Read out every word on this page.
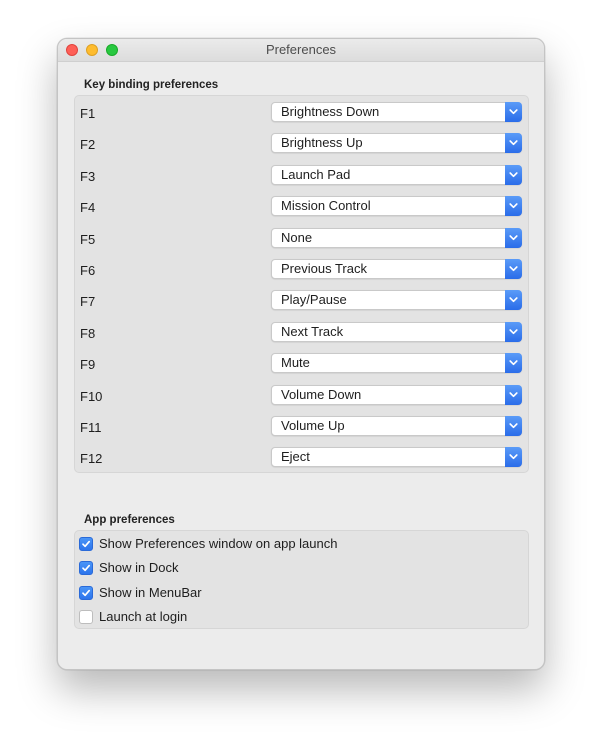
Preferences
Key binding preferences
F1	Brightness Down
F2	Brightness Up
F3	Launch Pad
F4	Mission Control
F5	None
F6	Previous Track
F7	Play/Pause
F8	Next Track
F9	Mute
F10	Volume Down
F11	Volume Up
F12	Eject
App preferences
Show Preferences window on app launch
Show in Dock
Show in MenuBar
Launch at login
